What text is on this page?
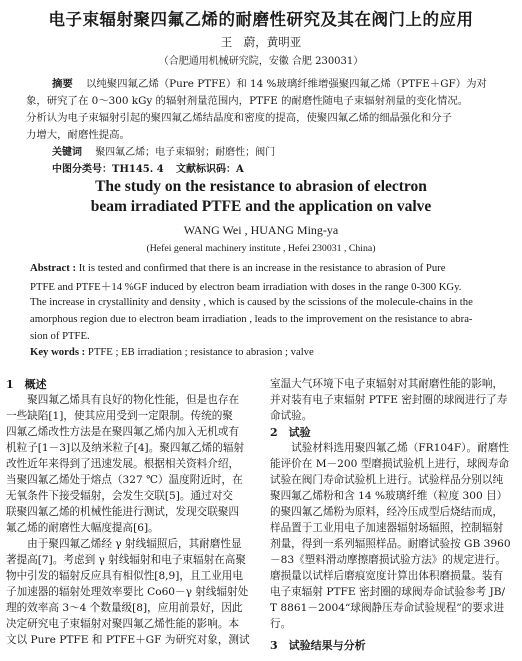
电子束辐射聚四氟乙烯的耐磨性研究及其在阀门上的应用
王　蔚，黄明亚
（合肥通用机械研究院，安徽 合肥 230031）
摘要 以纯聚四氟乙烯（Pure PTFE）和 14 %玻璃纤维增强聚四氟乙烯（PTFE＋GF）为对
象，研究了在 0～300 kGy 的辐射剂量范围内，PTFE 的耐磨性随电子束辐射剂量的变化情况。
分析认为电子束辐射引起的聚四氟乙烯结晶度和密度的提高，使聚四氟乙烯的细晶强化和分子
力增大，耐磨性提高。
关键词　 聚四氟乙烯；电子束辐射；耐磨性；阀门
中图分类号：TH145. 4 文献标识码：A
The study on the resistance to abrasion of electron
beam irradiated PTFE and the application on valve
WANG Wei , HUANG Ming-ya
(Hefei general machinery institute , Hefei 230031 , China)
Abstract : It is tested and confirmed that there is an increase in the resistance to abrasion of Pure
PTFE and PTFE＋14 %GF induced by electron beam irradiation with doses in the range 0-300 KGy.
The increase in crystallinity and density , which is caused by the scissions of the molecule-chains in the
amorphous region due to electron beam irradiation , leads to the improvement on the resistance to abra-
sion of PTFE.
Key words : PTFE ; EB irradiation ; resistance to abrasion ; valve
1　概述
　　聚四氟乙烯具有良好的物化性能，但是也存在
一些缺陷[1]，使其应用受到一定限制。传统的聚
四氟乙烯改性方法是在聚四氟乙烯内加入无机或有
机粒子[1－3]以及纳米粒子[4]。聚四氟乙烯的辐射
改性近年来得到了迅速发展。根据相关资料介绍，
当聚四氟乙烯处于熔点（327 ℃）温度附近时，在
无氧条件下接受辐射，会发生交联[5]。通过对交
联聚四氟乙烯的机械性能进行测试，发现交联聚四
氟乙烯的耐磨性大幅度提高[6]。
　　由于聚四氟乙烯经 γ 射线辐照后，其耐磨性显
著提高[7]。考虑到 γ 射线辐射和电子束辐射在高聚
物中引发的辐射反应具有相似性[8,9]，且工业用电
子加速器的辐射处理效率要比 Co60－γ 射线辐射处
理的效率高 3～4 个数量级[8]，应用前景好，因此
决定研究电子束辐射对聚四氟乙烯性能的影响。本
文以 Pure PTFE 和 PTFE＋GF 为研究对象，测试
室温大气环境下电子束辐射对其耐磨性能的影响，
并对装有电子束辐射 PTFE 密封圈的球阀进行了寿
命试验。
2　试验
　　试验材料选用聚四氟乙烯（FR104F）。耐磨性
能评价在 M－200 型磨损试验机上进行，球阀寿命
试验在阀门寿命试验机上进行。试验样品分别以纯
聚四氟乙烯粉和含 14 %玻璃纤维（粒度 300 目）
的聚四氟乙烯粉为原料，经冷压成型后烧结而成，
样品置于工业用电子加速器辐射场辐照，控制辐射
剂量，得到一系列辐照样品。耐磨试验按 GB 3960
－83《塑料滑动摩擦磨损试验方法》的规定进行。
磨损量以试样后磨痕宽度计算出体积磨损量。装有
电子束辐射 PTFE 密封圈的球阀寿命试验参考 JB/
T 8861－2004“球阀静压寿命试验规程”的要求进
行。
3　试验结果与分析
